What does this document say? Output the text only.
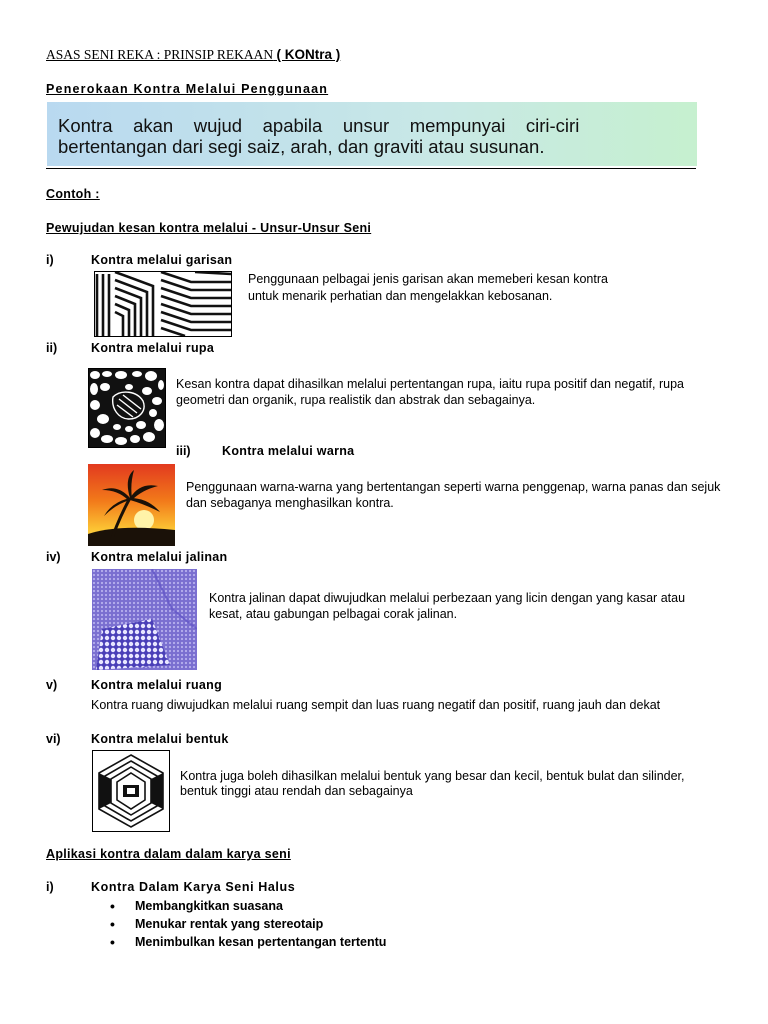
ASAS SENI REKA : PRINSIP REKAAN ( KONtra )
Penerokaan Kontra Melalui Penggunaan
Kontra    akan    wujud    apabila    unsur    mempunyai    ciri-ciri
bertentangan dari segi saiz, arah, dan graviti atau susunan.
Contoh :
Pewujudan kesan kontra melalui - Unsur-Unsur Seni
i)	Kontra melalui garisan
Penggunaan pelbagai jenis garisan akan memeberi kesan kontra
untuk menarik perhatian dan mengelakkan kebosanan.
ii)	Kontra melalui rupa
Kesan kontra dapat dihasilkan melalui pertentangan rupa, iaitu rupa positif dan negatif, rupa
geometri dan organik, rupa realistik dan abstrak dan sebagainya.
iii)	Kontra melalui warna
Penggunaan warna-warna yang bertentangan seperti warna penggenap, warna panas dan sejuk
dan sebaganya menghasilkan kontra.
iv) Kontra melalui jalinan
Kontra jalinan dapat diwujudkan melalui perbezaan yang licin dengan yang kasar atau
kesat, atau gabungan pelbagai corak jalinan.
v)	Kontra melalui ruang
Kontra ruang diwujudkan melalui ruang sempit dan luas ruang negatif dan positif, ruang jauh dan dekat
vi) Kontra melalui bentuk
Kontra juga boleh dihasilkan melalui bentuk yang besar dan kecil, bentuk bulat dan silinder,
bentuk tinggi atau rendah dan sebagainya
Aplikasi kontra dalam dalam karya seni
i)	Kontra Dalam Karya Seni Halus
• Membangkitkan suasana
• Menukar rentak yang stereotaip
• Menimbulkan kesan pertentangan tertentu
